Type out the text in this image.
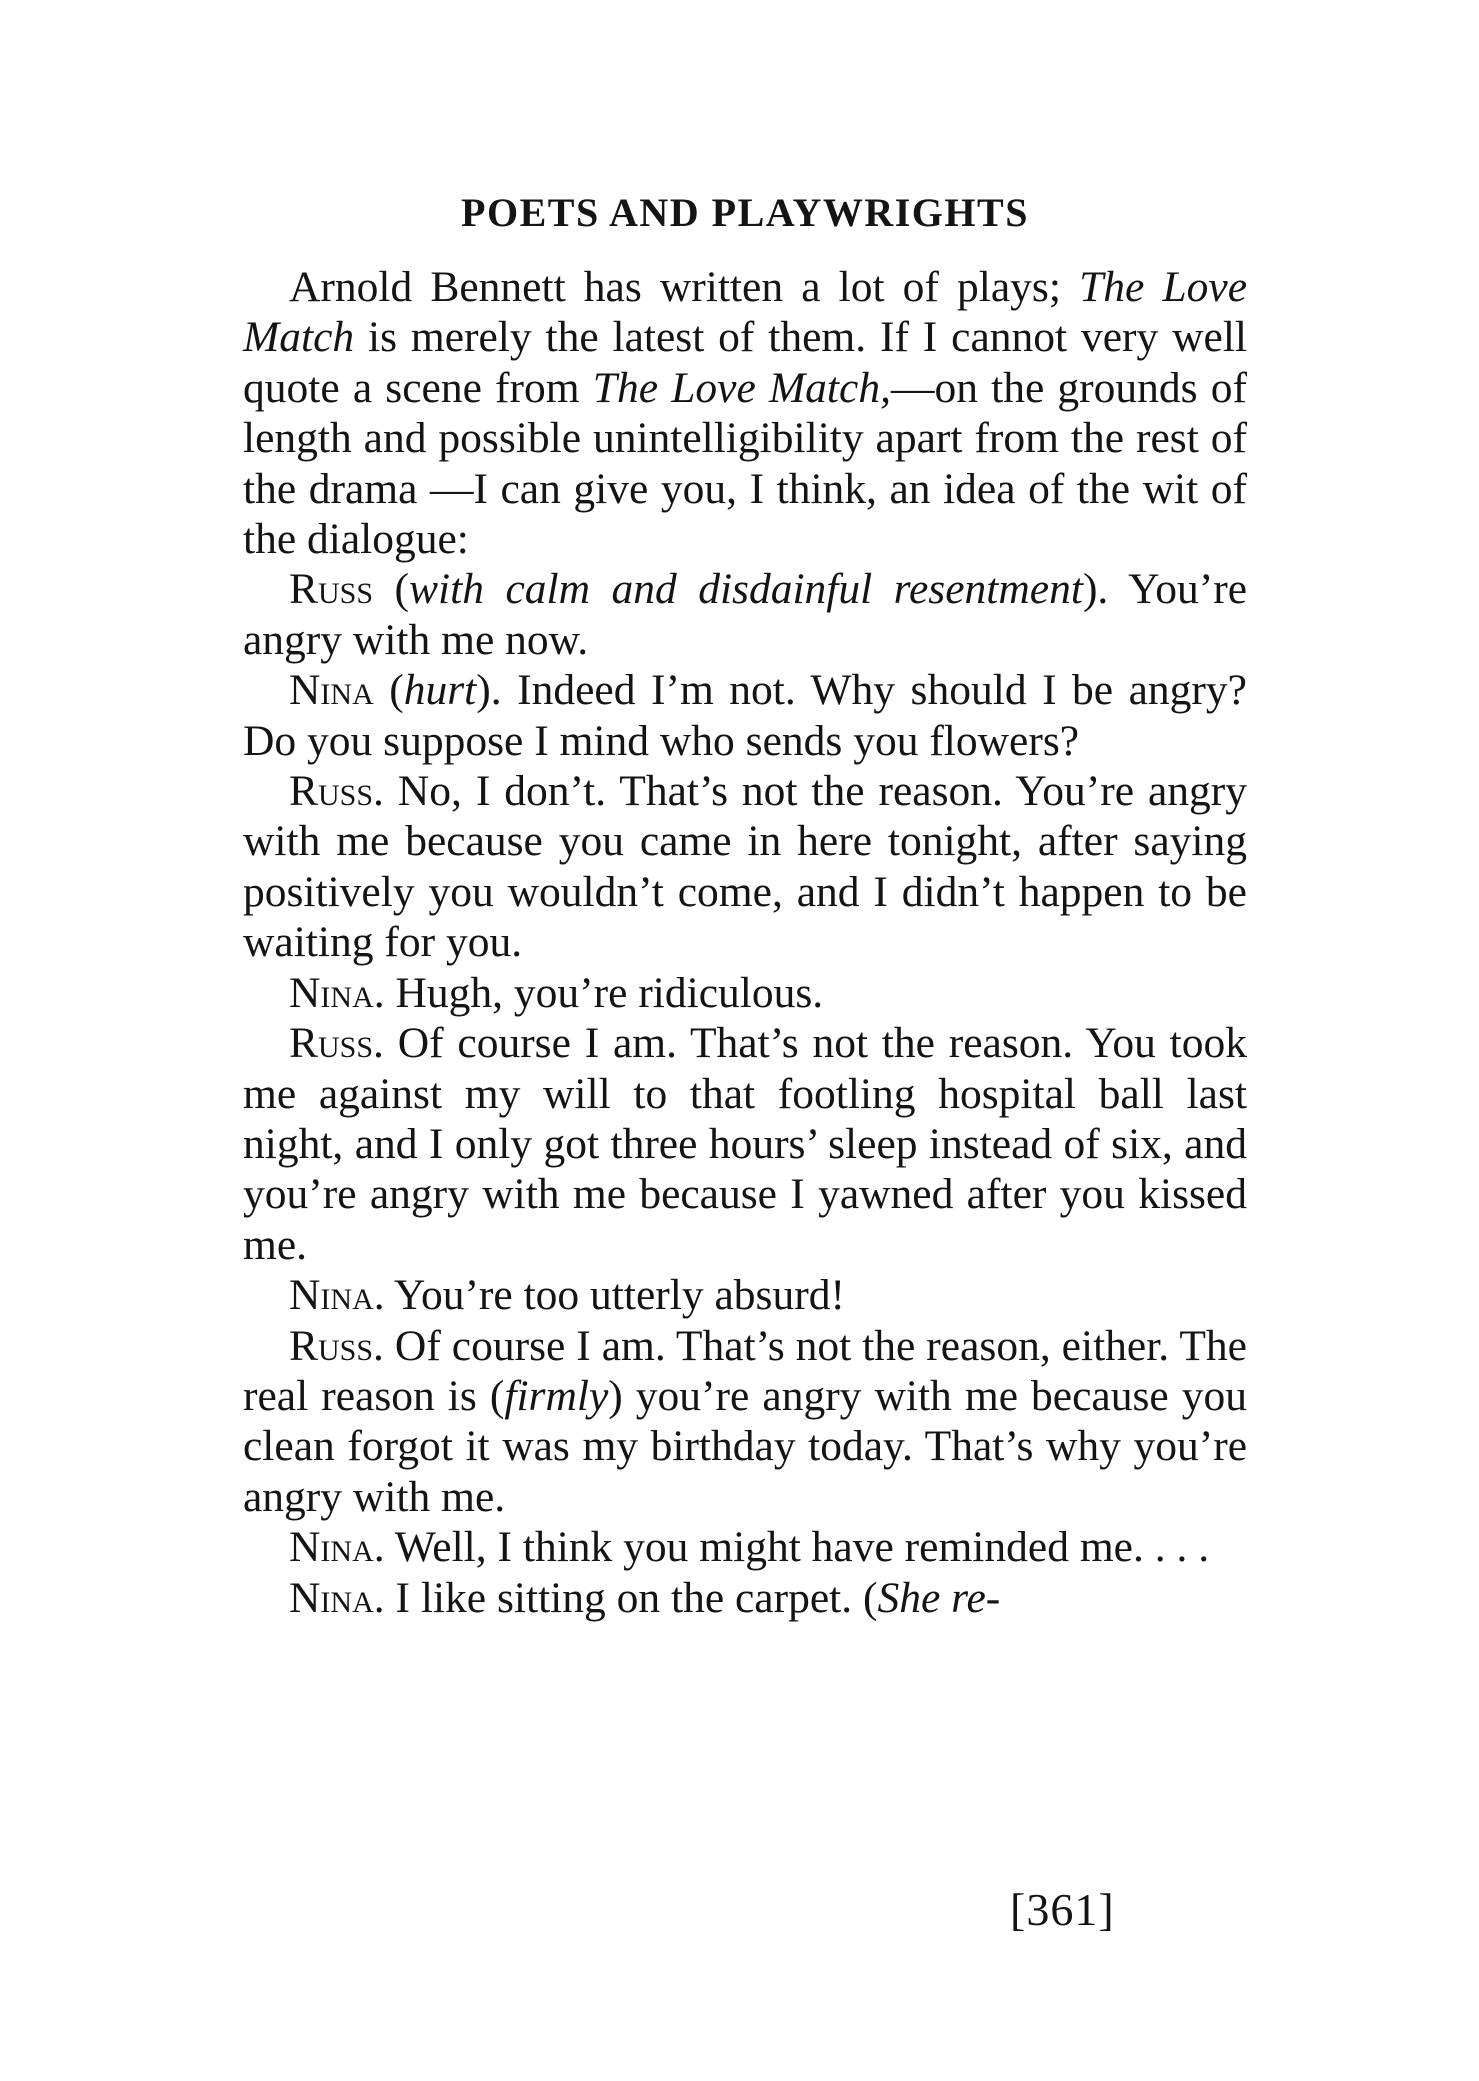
POETS AND PLAYWRIGHTS

Arnold Bennett has written a lot of plays; The Love Match is merely the latest of them. If I cannot very well quote a scene from The Love Match,—on the grounds of length and possible unintelligibility apart from the rest of the drama —I can give you, I think, an idea of the wit of the dialogue:

Russ (with calm and disdainful resentment). You’re angry with me now.

Nina (hurt). Indeed I’m not. Why should I be angry? Do you suppose I mind who sends you flowers?

Russ. No, I don’t. That’s not the reason. You’re angry with me because you came in here tonight, after saying positively you wouldn’t come, and I didn’t happen to be waiting for you.

Nina. Hugh, you’re ridiculous.

Russ. Of course I am. That’s not the reason. You took me against my will to that footling hospital ball last night, and I only got three hours’ sleep instead of six, and you’re angry with me because I yawned after you kissed me.

Nina. You’re too utterly absurd!

Russ. Of course I am. That’s not the reason, either. The real reason is (firmly) you’re angry with me because you clean forgot it was my birthday today. That’s why you’re angry with me.

Nina. Well, I think you might have reminded me. . . .

Nina. I like sitting on the carpet. (She re-

[361]
